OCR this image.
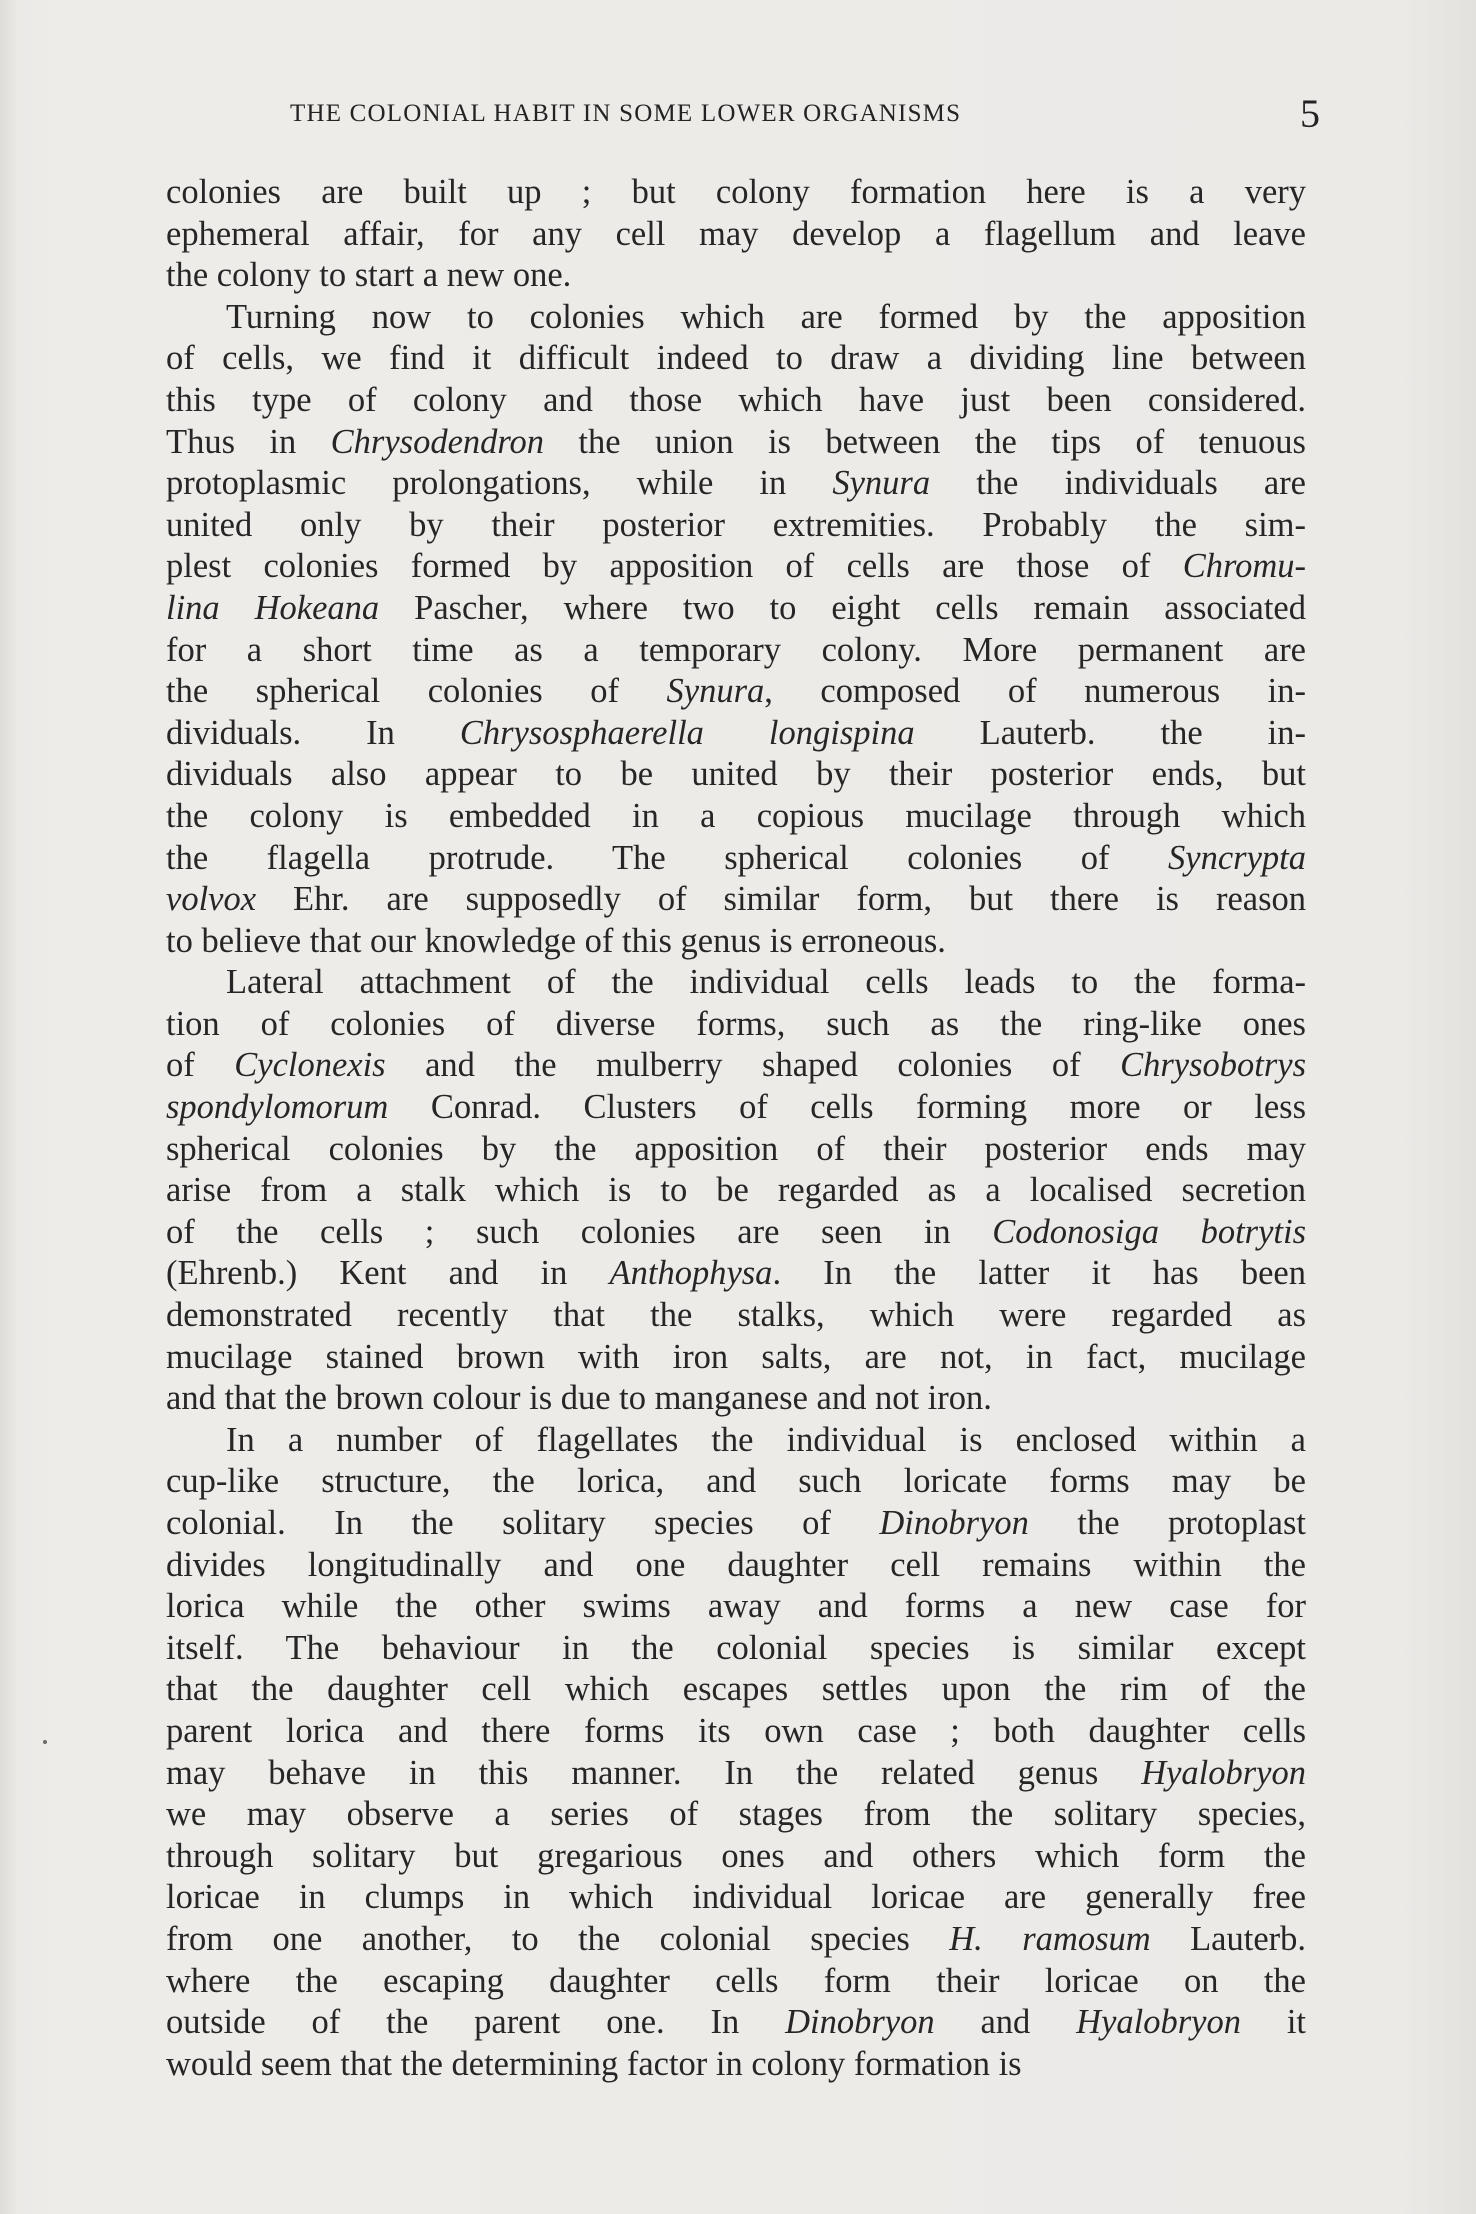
THE COLONIAL HABIT IN SOME LOWER ORGANISMS	5
colonies are built up ; but colony formation here is a very
ephemeral affair, for any cell may develop a flagellum and leave
the colony to start a new one.
Turning now to colonies which are formed by the apposition
of cells, we find it difficult indeed to draw a dividing line between
this type of colony and those which have just been considered.
Thus in Chrysodendron the union is between the tips of tenuous
protoplasmic prolongations, while in Synura the individuals are
united only by their posterior extremities. Probably the sim-
plest colonies formed by apposition of cells are those of Chromu-
lina Hokeana Pascher, where two to eight cells remain associated
for a short time as a temporary colony. More permanent are
the spherical colonies of Synura, composed of numerous in-
dividuals. In Chrysosphaerella longispina Lauterb. the in-
dividuals also appear to be united by their posterior ends, but
the colony is embedded in a copious mucilage through which
the flagella protrude. The spherical colonies of Syncrypta
volvox Ehr. are supposedly of similar form, but there is reason
to believe that our knowledge of this genus is erroneous.
Lateral attachment of the individual cells leads to the forma-
tion of colonies of diverse forms, such as the ring-like ones
of Cyclonexis and the mulberry shaped colonies of Chrysobotrys
spondylomorum Conrad. Clusters of cells forming more or less
spherical colonies by the apposition of their posterior ends may
arise from a stalk which is to be regarded as a localised secretion
of the cells ; such colonies are seen in Codonosiga botrytis
(Ehrenb.) Kent and in Anthophysa. In the latter it has been
demonstrated recently that the stalks, which were regarded as
mucilage stained brown with iron salts, are not, in fact, mucilage
and that the brown colour is due to manganese and not iron.
In a number of flagellates the individual is enclosed within a
cup-like structure, the lorica, and such loricate forms may be
colonial. In the solitary species of Dinobryon the protoplast
divides longitudinally and one daughter cell remains within the
lorica while the other swims away and forms a new case for
itself. The behaviour in the colonial species is similar except
that the daughter cell which escapes settles upon the rim of the
parent lorica and there forms its own case ; both daughter cells
may behave in this manner. In the related genus Hyalobryon
we may observe a series of stages from the solitary species,
through solitary but gregarious ones and others which form the
loricae in clumps in which individual loricae are generally free
from one another, to the colonial species H. ramosum Lauterb.
where the escaping daughter cells form their loricae on the
outside of the parent one. In Dinobryon and Hyalobryon it
would seem that the determining factor in colony formation is
